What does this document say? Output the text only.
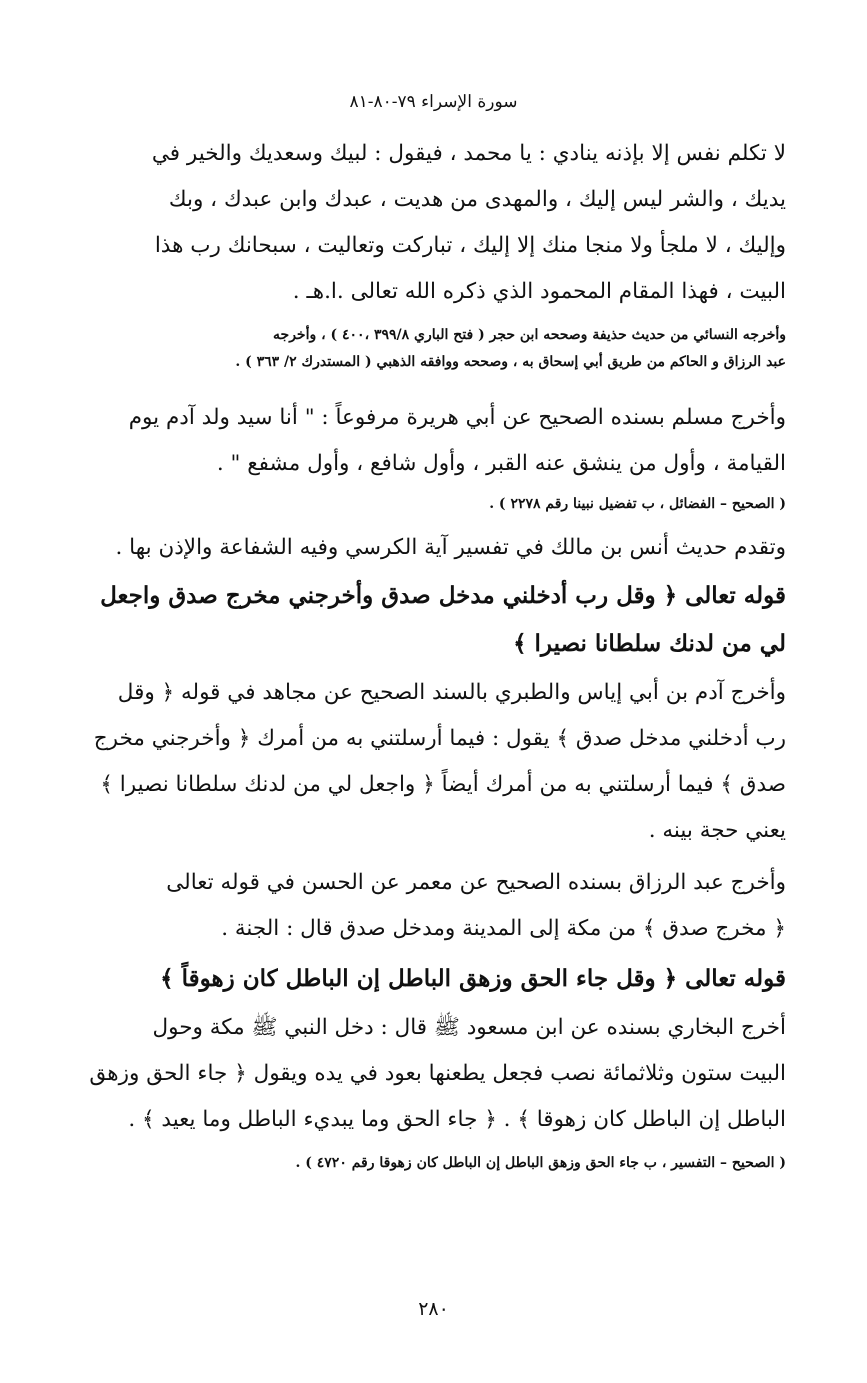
سورة الإسراء ٧٩-٨٠-٨١
لا تكلم نفس إلا بإذنه ينادي : يا محمد ، فيقول : لبيك وسعديك والخير في
يديك ، والشر ليس إليك ، والمهدى من هديت ، عبدك وابن عبدك ، وبك
وإليك ، لا ملجأ ولا منجا منك إلا إليك ، تباركت وتعاليت ، سبحانك رب هذا
البيت ، فهذا المقام المحمود الذي ذكره الله تعالى .ا.هـ .
وأخرجه النسائي من حديث حذيفة وصححه ابن حجر ( فتح الباري ٣٩٩/٨ ،٤٠٠ ) ، وأخرجه
عبد الرزاق و الحاكم من طريق أبي إسحاق به ، وصححه ووافقه الذهبي ( المستدرك ٢/ ٣٦٣ ) .
وأخرج مسلم بسنده الصحيح عن أبي هريرة مرفوعاً : " أنا سيد ولد آدم يوم
القيامة ، وأول من ينشق عنه القبر ، وأول شافع ، وأول مشفع " .
( الصحيح – الفضائل ، ب تفضيل نبينا رقم ٢٢٧٨ ) .
وتقدم حديث أنس بن مالك في تفسير آية الكرسي وفيه الشفاعة والإذن بها .
قوله تعالى ﴿ وقل رب أدخلني مدخل صدق وأخرجني مخرج صدق واجعل
لي من لدنك سلطانا نصيرا ﴾
وأخرج آدم بن أبي إياس والطبري بالسند الصحيح عن مجاهد في قوله ﴿ وقل
رب أدخلني مدخل صدق ﴾ يقول : فيما أرسلتني به من أمرك ﴿ وأخرجني مخرج
صدق ﴾ فيما أرسلتني به من أمرك أيضاً ﴿ واجعل لي من لدنك سلطانا نصيرا ﴾
يعني حجة بينه .
وأخرج عبد الرزاق بسنده الصحيح عن معمر عن الحسن في قوله تعالى
﴿ مخرج صدق ﴾ من مكة إلى المدينة ومدخل صدق قال : الجنة .
قوله تعالى ﴿ وقل جاء الحق وزهق الباطل إن الباطل كان زهوقاً ﴾
أخرج البخاري بسنده عن ابن مسعود ﷺ قال : دخل النبي ﷺ مكة وحول
البيت ستون وثلاثمائة نصب فجعل يطعنها بعود في يده ويقول ﴿ جاء الحق وزهق
الباطل إن الباطل كان زهوقا ﴾ . ﴿ جاء الحق وما يبديء الباطل وما يعيد ﴾ .
( الصحيح – التفسير ، ب جاء الحق وزهق الباطل إن الباطل كان زهوقا رقم ٤٧٢٠ ) .
٢٨٠
